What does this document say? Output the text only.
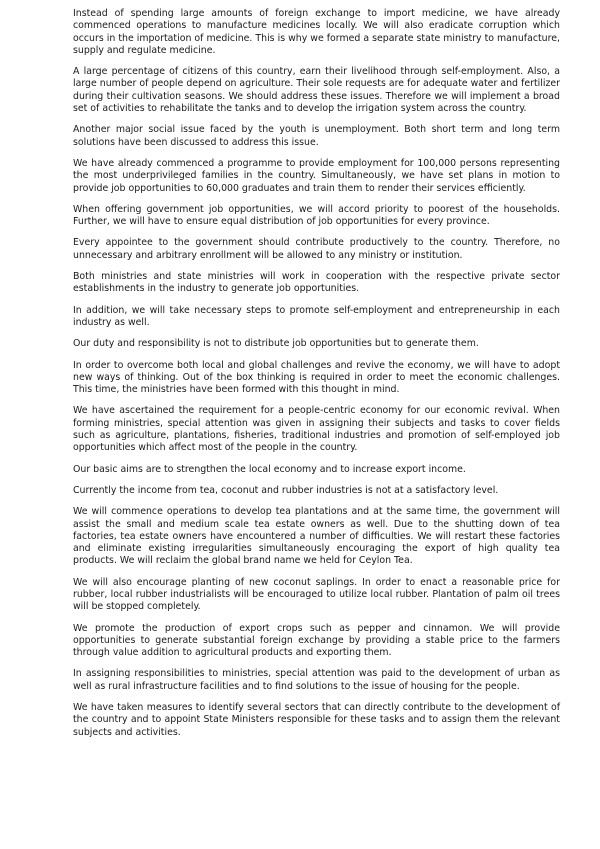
Instead of spending large amounts of foreign exchange to import medicine, we have already commenced operations to manufacture medicines locally. We will also eradicate corruption which occurs in the importation of medicine. This is why we formed a separate state ministry to manufacture, supply and regulate medicine.

A large percentage of citizens of this country, earn their livelihood through self-employment. Also, a large number of people depend on agriculture. Their sole requests are for adequate water and fertilizer during their cultivation seasons. We should address these issues. Therefore we will implement a broad set of activities to rehabilitate the tanks and to develop the irrigation system across the country.

Another major social issue faced by the youth is unemployment. Both short term and long term solutions have been discussed to address this issue.

We have already commenced a programme to provide employment for 100,000 persons representing the most underprivileged families in the country. Simultaneously, we have set plans in motion to provide job opportunities to 60,000 graduates and train them to render their services efficiently.

When offering government job opportunities, we will accord priority to poorest of the households. Further, we will have to ensure equal distribution of job opportunities for every province.

Every appointee to the government should contribute productively to the country. Therefore, no unnecessary and arbitrary enrollment will be allowed to any ministry or institution.

Both ministries and state ministries will work in cooperation with the respective private sector establishments in the industry to generate job opportunities.

In addition, we will take necessary steps to promote self-employment and entrepreneurship in each industry as well.

Our duty and responsibility is not to distribute job opportunities but to generate them.

In order to overcome both local and global challenges and revive the economy, we will have to adopt new ways of thinking. Out of the box thinking is required in order to meet the economic challenges. This time, the ministries have been formed with this thought in mind.

We have ascertained the requirement for a people-centric economy for our economic revival. When forming ministries, special attention was given in assigning their subjects and tasks to cover fields such as agriculture, plantations, fisheries, traditional industries and promotion of self-employed job opportunities which affect most of the people in the country.

Our basic aims are to strengthen the local economy and to increase export income.

Currently the income from tea, coconut and rubber industries is not at a satisfactory level.

We will commence operations to develop tea plantations and at the same time, the government will assist the small and medium scale tea estate owners as well. Due to the shutting down of tea factories, tea estate owners have encountered a number of difficulties. We will restart these factories and eliminate existing irregularities simultaneously encouraging the export of high quality tea products. We will reclaim the global brand name we held for Ceylon Tea.

We will also encourage planting of new coconut saplings. In order to enact a reasonable price for rubber, local rubber industrialists will be encouraged to utilize local rubber. Plantation of palm oil trees will be stopped completely.

We promote the production of export crops such as pepper and cinnamon. We will provide opportunities to generate substantial foreign exchange by providing a stable price to the farmers through value addition to agricultural products and exporting them.

In assigning responsibilities to ministries, special attention was paid to the development of urban as well as rural infrastructure facilities and to find solutions to the issue of housing for the people.

We have taken measures to identify several sectors that can directly contribute to the development of the country and to appoint State Ministers responsible for these tasks and to assign them the relevant subjects and activities.
